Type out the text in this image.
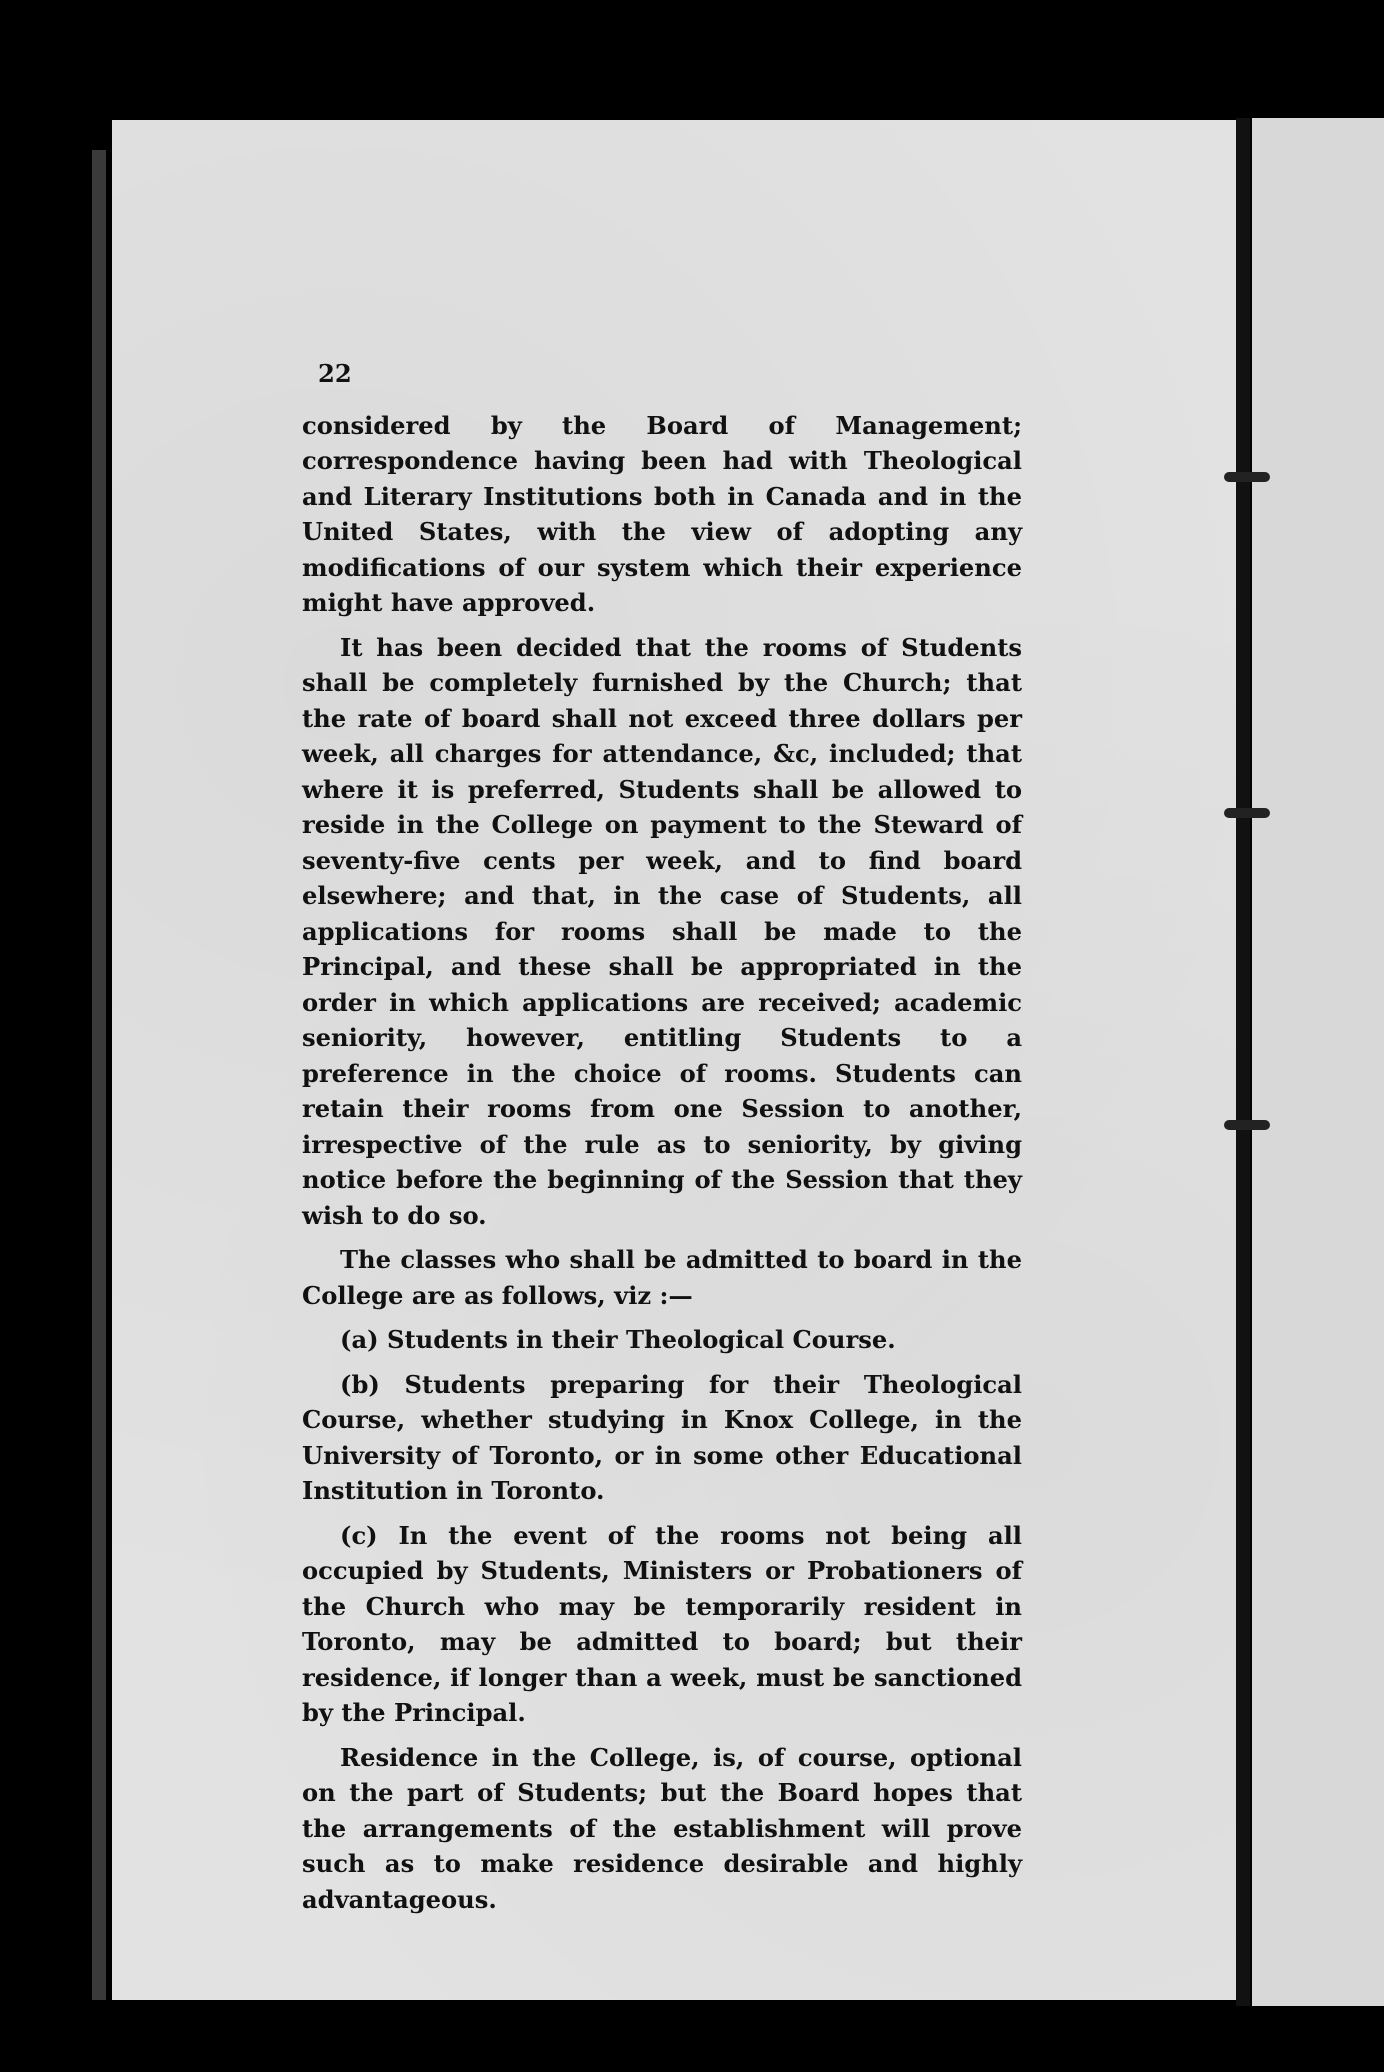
22

considered by the Board of Management; correspondence having been had with Theological and Literary Institutions both in Canada and in the United States, with the view of adopting any modifications of our system which their experience might have approved.

It has been decided that the rooms of Students shall be completely furnished by the Church; that the rate of board shall not exceed three dollars per week, all charges for attendance, &c, included; that where it is preferred, Students shall be allowed to reside in the College on payment to the Steward of seventy-five cents per week, and to find board elsewhere; and that, in the case of Students, all applications for rooms shall be made to the Principal, and these shall be appropriated in the order in which applications are received; academic seniority, however, entitling Students to a preference in the choice of rooms. Students can retain their rooms from one Session to another, irrespective of the rule as to seniority, by giving notice before the beginning of the Session that they wish to do so.

The classes who shall be admitted to board in the College are as follows, viz :—

(a) Students in their Theological Course.

(b) Students preparing for their Theological Course, whether studying in Knox College, in the University of Toronto, or in some other Educational Institution in Toronto.

(c) In the event of the rooms not being all occupied by Students, Ministers or Probationers of the Church who may be temporarily resident in Toronto, may be admitted to board; but their residence, if longer than a week, must be sanctioned by the Principal.

Residence in the College, is, of course, optional on the part of Students; but the Board hopes that the arrangements of the establishment will prove such as to make residence desirable and highly advantageous.
